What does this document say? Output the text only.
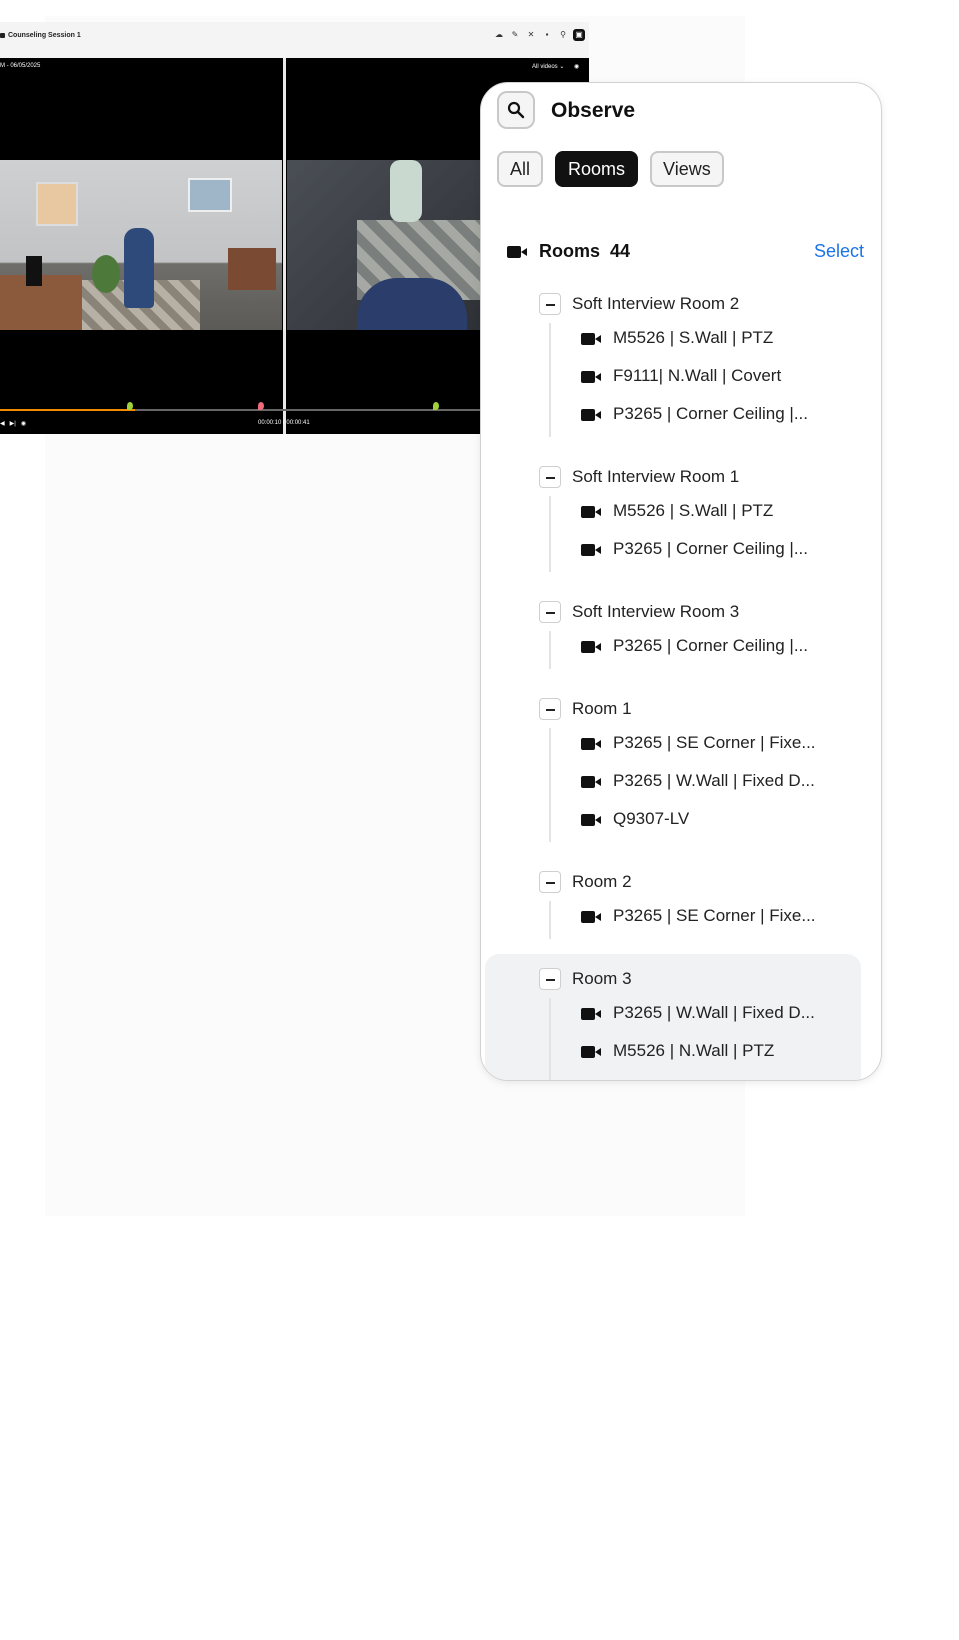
Counseling Session 1	☁	✎	✕	▪	⚲	▣
M - 06/05/2025	All videos ⌄ ◉
◀ ▶| ◉	00:00:10 / 00:00:41
Observe
All	Rooms	Views
Rooms 44	Select
Soft Interview Room 2
M5526 | S.Wall | PTZ
F9111| N.Wall | Covert
P3265 | Corner Ceiling |...
Soft Interview Room 1
M5526 | S.Wall | PTZ
P3265 | Corner Ceiling |...
Soft Interview Room 3
P3265 | Corner Ceiling |...
Room 1
P3265 | SE Corner | Fixe...
P3265 | W.Wall | Fixed D...
Q9307-LV
Room 2
P3265 | SE Corner | Fixe...
Room 3
P3265 | W.Wall | Fixed D...
M5526 | N.Wall | PTZ
